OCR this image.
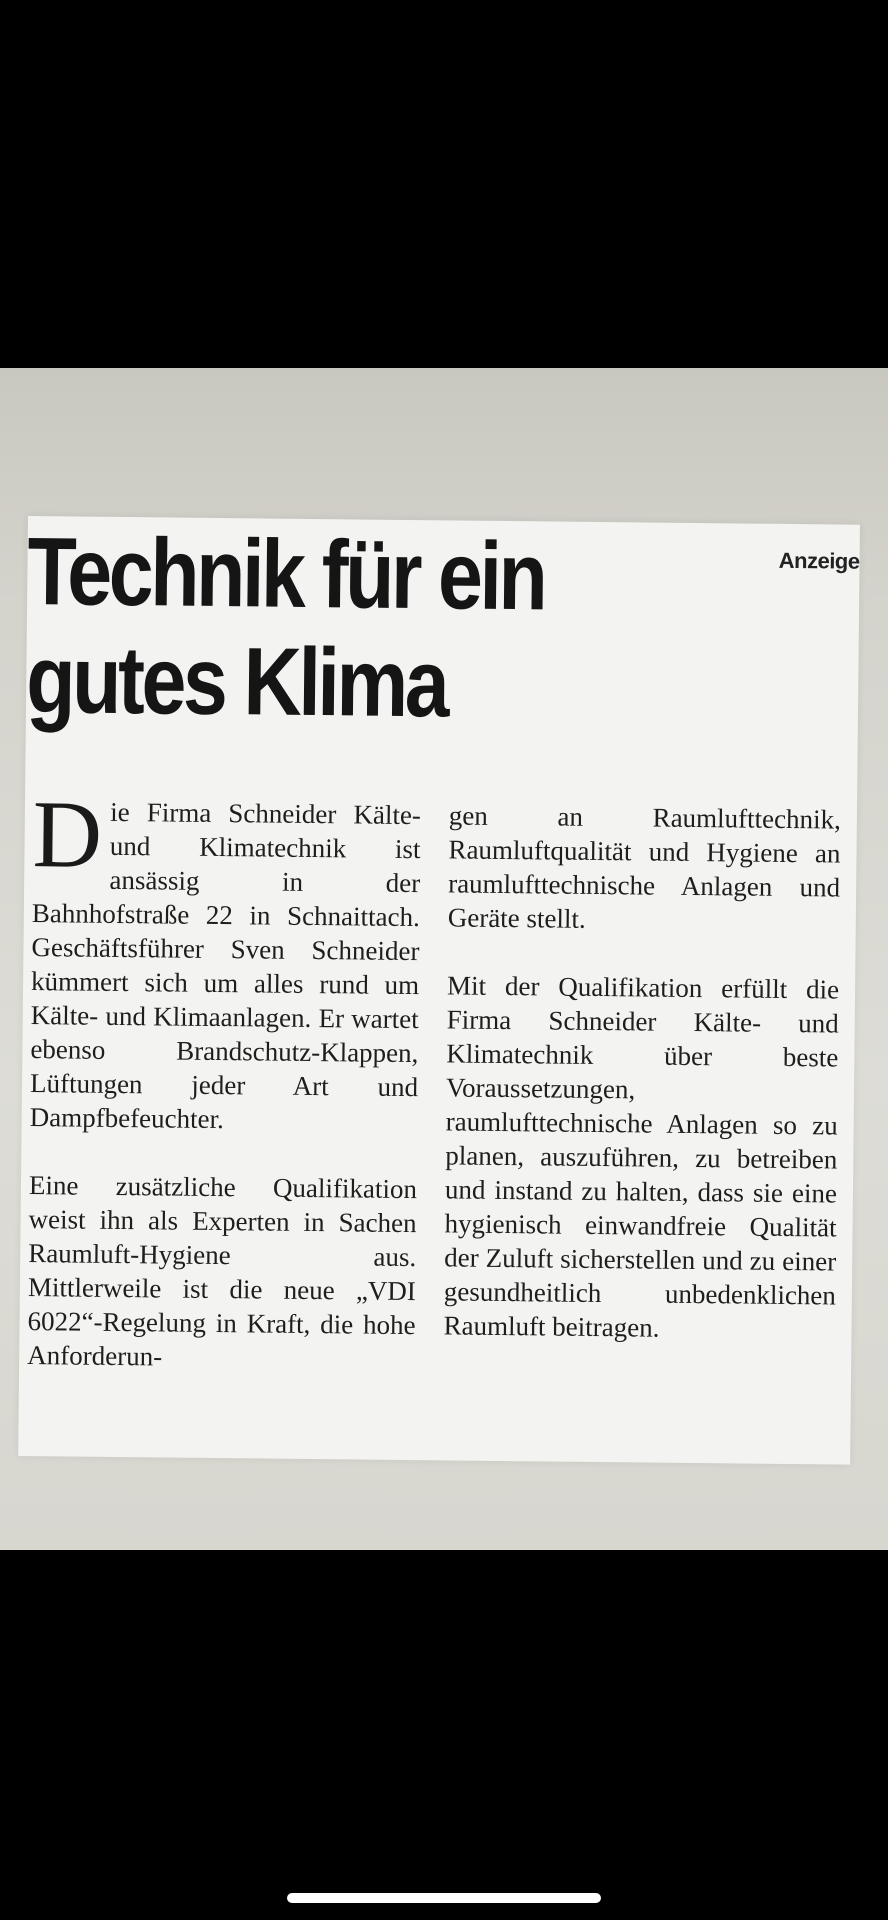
Technik für ein
gutes Klima
Anzeige

Die Firma Schneider Kälte- und Klimatechnik ist ansässig in der Bahnhofstraße 22 in Schnaittach. Geschäftsführer Sven Schneider kümmert sich um alles rund um Kälte- und Klimaanlagen. Er wartet ebenso Brandschutz-Klappen, Lüftungen jeder Art und Dampfbefeuchter.

Eine zusätzliche Qualifikation weist ihn als Experten in Sachen Raumluft-Hygiene aus. Mittlerweile ist die neue „VDI 6022“-Regelung in Kraft, die hohe Anforderun-

gen an Raumlufttechnik, Raumluftqualität und Hygiene an raumlufttechnische Anlagen und Geräte stellt.

Mit der Qualifikation erfüllt die Firma Schneider Kälte- und Klimatechnik über beste Voraussetzungen, raumlufttechnische Anlagen so zu planen, auszuführen, zu betreiben und instand zu halten, dass sie eine hygienisch einwandfreie Qualität der Zuluft sicherstellen und zu einer gesundheitlich unbedenklichen Raumluft beitragen.
